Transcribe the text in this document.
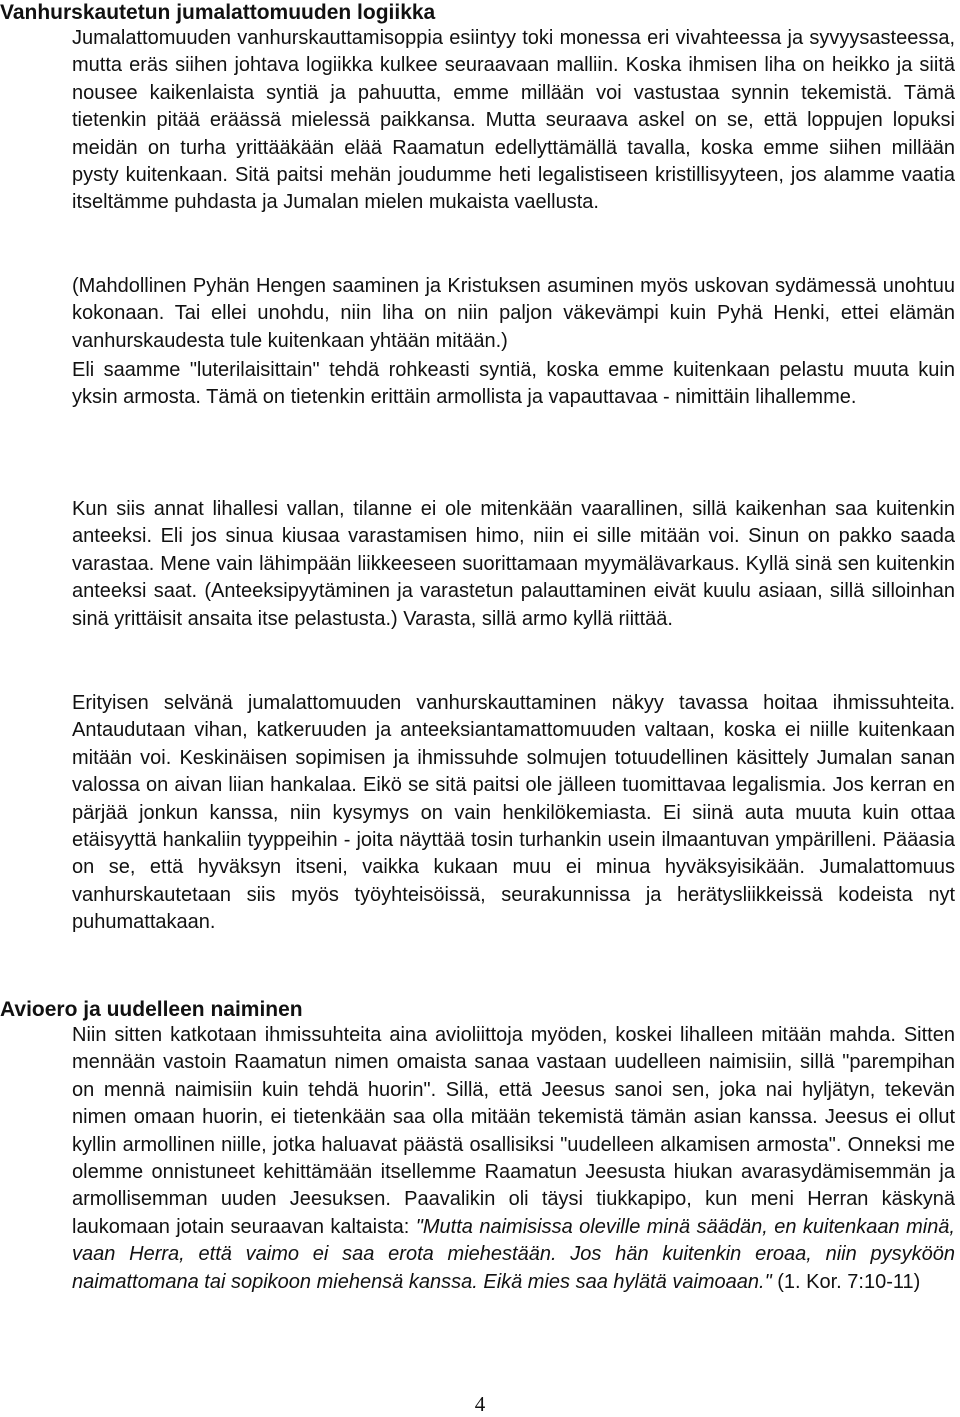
Vanhurskautetun jumalattomuuden logiikka

Jumalattomuuden vanhurskauttamisoppia esiintyy toki monessa eri vivahteessa ja syvyysasteessa, mutta eräs siihen johtava logiikka kulkee seuraavaan malliin. Koska ihmisen liha on heikko ja siitä nousee kaikenlaista syntiä ja pahuutta, emme millään voi vastustaa synnin tekemistä. Tämä tietenkin pitää eräässä mielessä paikkansa. Mutta seuraava askel on se, että loppujen lopuksi meidän on turha yrittääkään elää Raamatun edellyttämällä tavalla, koska emme siihen millään pysty kuitenkaan. Sitä paitsi mehän joudumme heti legalistiseen kristillisyyteen, jos alamme vaatia itseltämme puhdasta ja Jumalan mielen mukaista vaellusta.

(Mahdollinen Pyhän Hengen saaminen ja Kristuksen asuminen myös uskovan sydämessä unohtuu kokonaan. Tai ellei unohdu, niin liha on niin paljon väkevämpi kuin Pyhä Henki, ettei elämän vanhurskaudesta tule kuitenkaan yhtään mitään.)

Eli saamme "luterilaisittain" tehdä rohkeasti syntiä, koska emme kuitenkaan pelastu muuta kuin yksin armosta. Tämä on tietenkin erittäin armollista ja vapauttavaa - nimittäin lihallemme.

Kun siis annat lihallesi vallan, tilanne ei ole mitenkään vaarallinen, sillä kaikenhan saa kuitenkin anteeksi. Eli jos sinua kiusaa varastamisen himo, niin ei sille mitään voi. Sinun on pakko saada varastaa. Mene vain lähimpään liikkeeseen suorittamaan myymälävarkaus. Kyllä sinä sen kuitenkin anteeksi saat. (Anteeksipyytäminen ja varastetun palauttaminen eivät kuulu asiaan, sillä silloinhan sinä yrittäisit ansaita itse pelastusta.) Varasta, sillä armo kyllä riittää.

Erityisen selvänä jumalattomuuden vanhurskauttaminen näkyy tavassa hoitaa ihmissuhteita. Antaudutaan vihan, katkeruuden ja anteeksiantamattomuuden valtaan, koska ei niille kuitenkaan mitään voi. Keskinäisen sopimisen ja ihmissuhde solmujen totuudellinen käsittely Jumalan sanan valossa on aivan liian hankalaa. Eikö se sitä paitsi ole jälleen tuomittavaa legalismia. Jos kerran en pärjää jonkun kanssa, niin kysymys on vain henkilökemiasta. Ei siinä auta muuta kuin ottaa etäisyyttä hankaliin tyyppeihin - joita näyttää tosin turhankin usein ilmaantuvan ympärilleni. Pääasia on se, että hyväksyn itseni, vaikka kukaan muu ei minua hyväksyisikään. Jumalattomuus vanhurskautetaan siis myös työyhteisöissä, seurakunnissa ja herätysliikkeissä kodeista nyt puhumattakaan.

Avioero ja uudelleen naiminen

Niin sitten katkotaan ihmissuhteita aina avioliittoja myöden, koskei lihalleen mitään mahda. Sitten mennään vastoin Raamatun nimen omaista sanaa vastaan uudelleen naimisiin, sillä "parempihan on mennä naimisiin kuin tehdä huorin". Sillä, että Jeesus sanoi sen, joka nai hyljätyn, tekevän nimen omaan huorin, ei tietenkään saa olla mitään tekemistä tämän asian kanssa. Jeesus ei ollut kyllin armollinen niille, jotka haluavat päästä osallisiksi "uudelleen alkamisen armosta". Onneksi me olemme onnistuneet kehittämään itsellemme Raamatun Jeesusta hiukan avarasydämisemmän ja armollisemman uuden Jeesuksen. Paavalikin oli täysi tiukkapipo, kun meni Herran käskynä laukomaan jotain seuraavan kaltaista: "Mutta naimisissa oleville minä säädän, en kuitenkaan minä, vaan Herra, että vaimo ei saa erota miehestään. Jos hän kuitenkin eroaa, niin pysyköön naimattomana tai sopikoon miehensä kanssa. Eikä mies saa hylätä vaimoaan." (1. Kor. 7:10-11)

4
